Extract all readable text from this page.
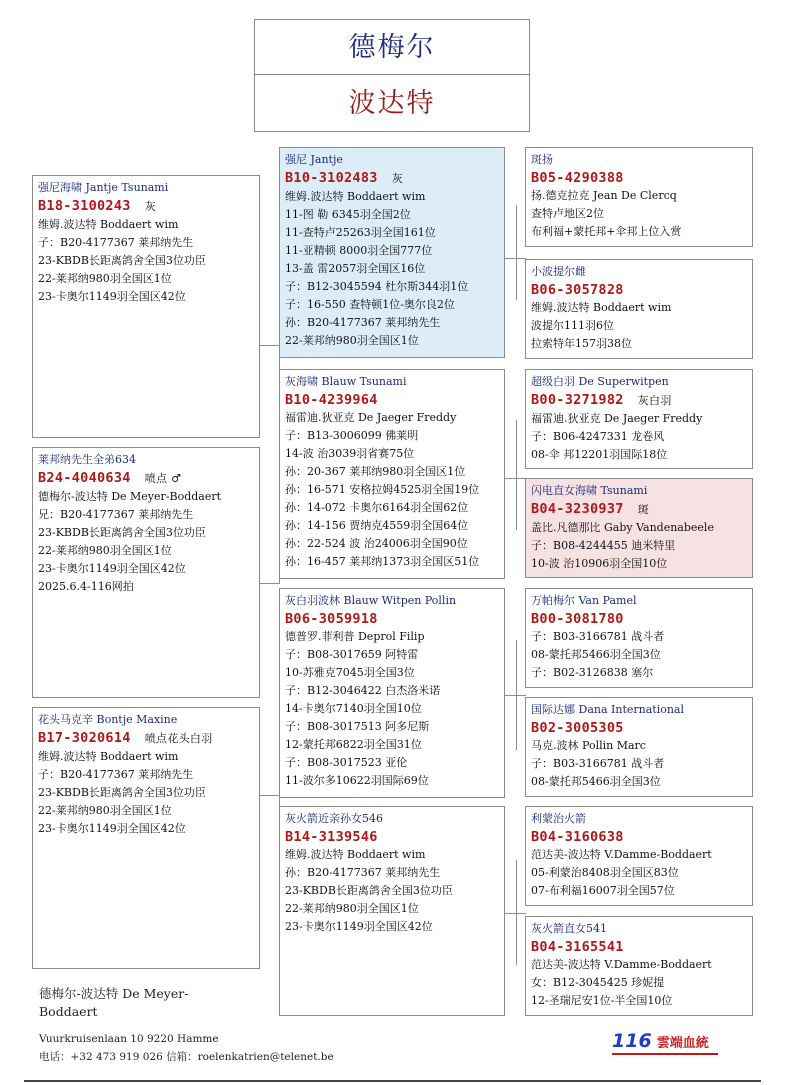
德梅尔
波达特
强尼海啸 Jantje Tsunami
B18-3100243 灰
维姆.波达特 Boddaert wim
子：B20-4177367 莱邦纳先生
23-KBDB长距离鸽舍全国3位功臣
22-莱邦纳980羽全国区1位
23-卡奥尔1149羽全国区42位
莱邦纳先生全弟634
B24-4040634 喷点 ♂
德梅尔-波达特 De Meyer-Boddaert
兄：B20-4177367 莱邦纳先生
23-KBDB长距离鸽舍全国3位功臣
22-莱邦纳980羽全国区1位
23-卡奥尔1149羽全国区42位
2025.6.4-116网拍
花头马克辛 Bontje Maxine
B17-3020614 喷点花头白羽
维姆.波达特 Boddaert wim
子：B20-4177367 莱邦纳先生
23-KBDB长距离鸽舍全国3位功臣
22-莱邦纳980羽全国区1位
23-卡奥尔1149羽全国区42位
强尼 Jantje
B10-3102483 灰
维姆.波达特 Boddaert wim
11-图 勒 6345羽全国2位
11-查特卢25263羽全国161位
11-亚精顿 8000羽全国777位
13-盖 雷2057羽全国区16位
子：B12-3045594 杜尔斯344羽1位
子：16-550 查特顿1位-奥尔良2位
孙：B20-4177367 莱邦纳先生
22-莱邦纳980羽全国区1位
灰海啸 Blauw Tsunami
B10-4239964
福雷迪.狄亚克 De Jaeger Freddy
子：B13-3006099 佛莱明
14-波 治3039羽省赛75位
孙：20-367 莱邦纳980羽全国区1位
孙：16-571 安格拉姆4525羽全国19位
孙：14-072 卡奥尔6164羽全国62位
孙：14-156 贾纳克4559羽全国64位
孙：22-524 波 治24006羽全国90位
孙：16-457 莱邦纳1373羽全国区51位
灰白羽波林 Blauw Witpen Pollin
B06-3059918
德普罗.菲利普 Deprol Filip
子：B08-3017659 阿特雷
10-苏雅克7045羽全国3位
子：B12-3046422 白杰洛米诺
14-卡奥尔7140羽全国10位
子：B08-3017513 阿多尼斯
12-蒙托邦6822羽全国31位
子：B08-3017523 亚伦
11-波尔多10622羽国际69位
灰火箭近亲孙女546
B14-3139546
维姆.波达特 Boddaert wim
孙：B20-4177367 莱邦纳先生
23-KBDB长距离鸽舍全国3位功臣
22-莱邦纳980羽全国区1位
23-卡奥尔1149羽全国区42位
斑扬
B05-4290388
扬.德克拉克 Jean De Clercq
查特卢地区2位
布利福+蒙托邦+伞邦上位入赏
小波提尔雌
B06-3057828
维姆.波达特 Boddaert wim
波提尔111羽6位
拉索特年157羽38位
超级白羽 De Superwitpen
B00-3271982 灰白羽
福雷迪.狄亚克 De Jaeger Freddy
子：B06-4247331 龙卷风
08-伞 邦12201羽国际18位
闪电直女海啸 Tsunami
B04-3230937 斑
盖比.凡德那比 Gaby Vandenabeele
子：B08-4244455 迪米特里
10-波 治10906羽全国10位
万帕梅尔 Van Pamel
B00-3081780
子：B03-3166781 战斗者
08-蒙托邦5466羽全国3位
子：B02-3126838 塞尔
国际达娜 Dana International
B02-3005305
马克.波林 Pollin Marc
子：B03-3166781 战斗者
08-蒙托邦5466羽全国3位
利蒙治火箭
B04-3160638
范达美-波达特 V.Damme-Boddaert
05-利蒙治8408羽全国区83位
07-布利福16007羽全国57位
灰火箭直女541
B04-3165541
范达美-波达特 V.Damme-Boddaert
女：B12-3045425 珍妮提
12-圣瑞尼安1位-半全国10位
德梅尔-波达特 De Meyer-
Boddaert
Vuurkruisenlaan 10 9220 Hamme
电话：+32 473 919 026 信箱：roelenkatrien@telenet.be
116 雲端血統
